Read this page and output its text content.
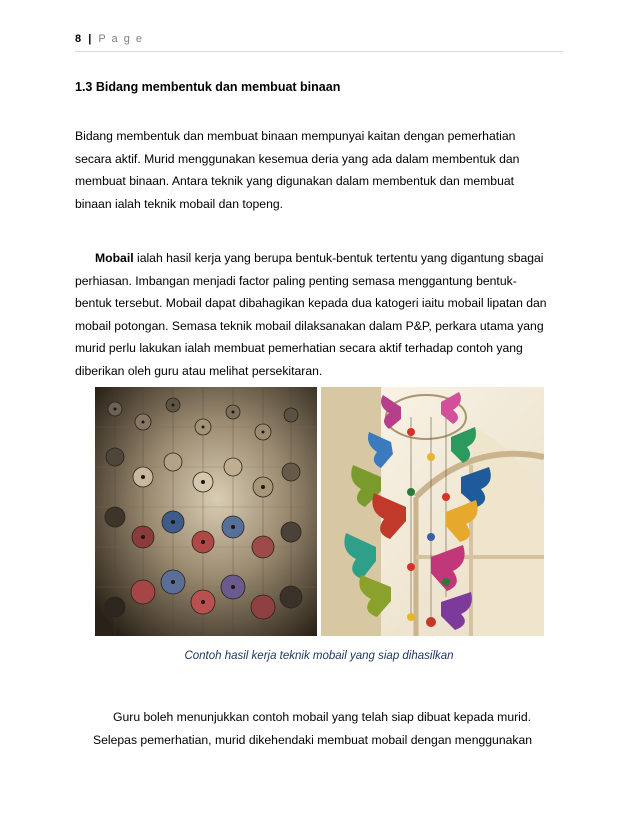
8 | P a g e
1.3 Bidang membentuk dan membuat binaan
Bidang membentuk dan membuat binaan mempunyai kaitan dengan pemerhatian
secara aktif. Murid menggunakan kesemua deria yang ada dalam membentuk dan
membuat binaan. Antara teknik yang digunakan dalam membentuk dan membuat
binaan ialah teknik mobail dan topeng.
Mobail ialah hasil kerja yang berupa bentuk-bentuk tertentu yang digantung sbagai
perhiasan. Imbangan menjadi factor paling penting semasa menggantung bentuk-
bentuk tersebut. Mobail dapat dibahagikan kepada dua katogeri iaitu mobail lipatan dan
mobail potongan. Semasa teknik mobail dilaksanakan dalam P&P, perkara utama yang
murid perlu lakukan ialah membuat pemerhatian secara aktif terhadap contoh yang
diberikan oleh guru atau melihat persekitaran.
Contoh hasil kerja teknik mobail yang siap dihasilkan
Guru boleh menunjukkan contoh mobail yang telah siap dibuat kepada murid.
Selepas pemerhatian, murid dikehendaki membuat mobail dengan menggunakan
